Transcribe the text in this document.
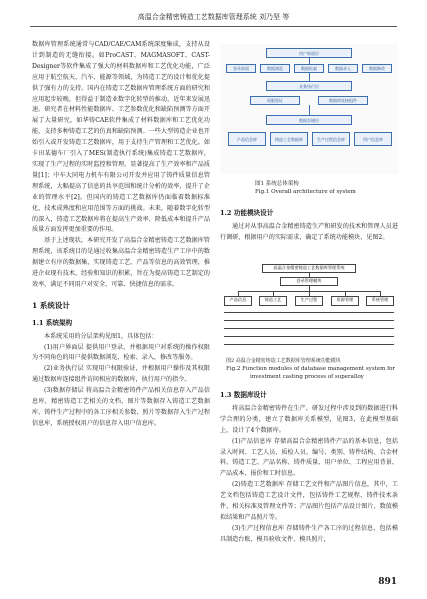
高温合金精密铸造工艺数据库管理系统 刘乃坚 等

数据库管理系统通常与CAD/CAE/CAM系统深度集成，支持从设计到制造的无缝衔接。如ProCAST、MAGMASOFT、CAST-Designer等软件集成了强大的材料数据库和工艺优化功能，广泛应用于航空航天、汽车、能源等领域，为铸造工艺的设计和优化提供了强有力的支持。国内在铸造工艺数据库管理系统方面的研究和应用起步较晚，但得益于制造业数字化转型的推动，近年来发展迅速。研究者在材料性能数据库、工艺参数优化和缺陷预测等方面开展了大量研究，如华铸CAE软件集成了材料数据库和工艺优化功能，支持多种铸造工艺的仿真和缺陷预测。一些大型铸造企业也开始引入或开发铸造工艺数据库，用于支持生产管理和工艺优化。如卡田某德车厂引入了MES(制造执行系统)集成铸造工艺数据库，实现了生产过程的实时监控和管理，显著提高了生产效率和产品质量[1]；中车大同电力机车有限公司开发并应用了铸件质量信息管理系统，大幅提高了信息的共享范围和统计分析的效率，提升了企业的管理水平[2]。但国内的铸造工艺数据库仍面临着数据标准化、技术成熟度和应用范围等方面的挑战。未来，随着数字化转型的深入，铸造工艺数据库将在提高生产效率、降低成本和提升产品质量方面发挥更加重要的作用。

基于上述现状，本研究开发了高温合金精密铸造工艺数据库管理系统，该系统目的是通过收集高温合金精密铸造生产工序中的数据建立有序的数据集，实现铸造工艺、产品等信息的高效管理，推进企业现有技术、经验和知识的积累，旨在为提高铸造工艺制定的效率，满足不同用户对安全、可靠、快捷信息的需求。

1 系统设计
1.1 系统架构

本系统采用的分层架构见图1，具体包括：

(1)用户界面层 提供用户登录，并根据用户对系统的操作权限为不同角色的用户提供数据浏览，检索、录入，修改等服务。

(2)业务执行层 实现用户权限验证，并根据用户操作及其权限通过数据库连接组件访问相应的数据库，执行用户的指令。

(3)数据存储层 将高温合金精密铸件产品相关信息存入产品信息库，精密铸造工艺相关的文档、图片等数据存入铸造工艺数据库，铸件生产过程中的各工序相关参数、照片等数据存入生产过程信息库，系统授权用户的信息存入用户信息库。

用户界面层
登录界面	数据浏览	数据检索	数据录入	数据修改
业务执行层
权限验证	数据库连接组件
数据存储层
产品信息库	铸造工艺数据库	生产过程信息库	用户信息库
图1 系统总体架构
Fig.1 Overall architecture of system
1.2 功能模块设计

通过对从事高温合金精密铸造生产和研发的技术和管理人员进行调研，根据用户的实际需求，确定了系统功能模块，见图2。

高温合金精密铸造工艺数据库管理系统
登录管理模块
产品信息	铸造工艺	生产过程	资源管理	系统管理
图2 高温合金精密铸造工艺数据库管理系统功能模块
Fig.2 Function modules of database management system for
investment casting process of superalloy
1.3 数据库设计

将高温合金精密铸件在生产、研发过程中涉及到的数据进行科学合理的分类，建立了数据库关系模型，见图3，在此模型基础上，设计了4个数据库。

(1)产品信息库 存储高温合金精密铸件产品的基本信息，包括录入时间、工艺人员、质检人员、编号、类别、铸件结构、合金材料、铸造工艺、产品名称、铸件质量、用户单位、工程应用背景、产品成本、报价和工时信息。

(2)铸造工艺数据库 存储工艺文件和产品图片信息，其中，工艺文档包括铸造工艺设计文件，包括铸件工艺规程、铸件技术条件、相关标准及管理文件等；产品图片包括产品设计图片、数值模拟结果和产品照片等。

(3)生产过程信息库 存储铸件生产各工序的过程信息，包括模具制造台账、模具验收文件、模具照片，

891
